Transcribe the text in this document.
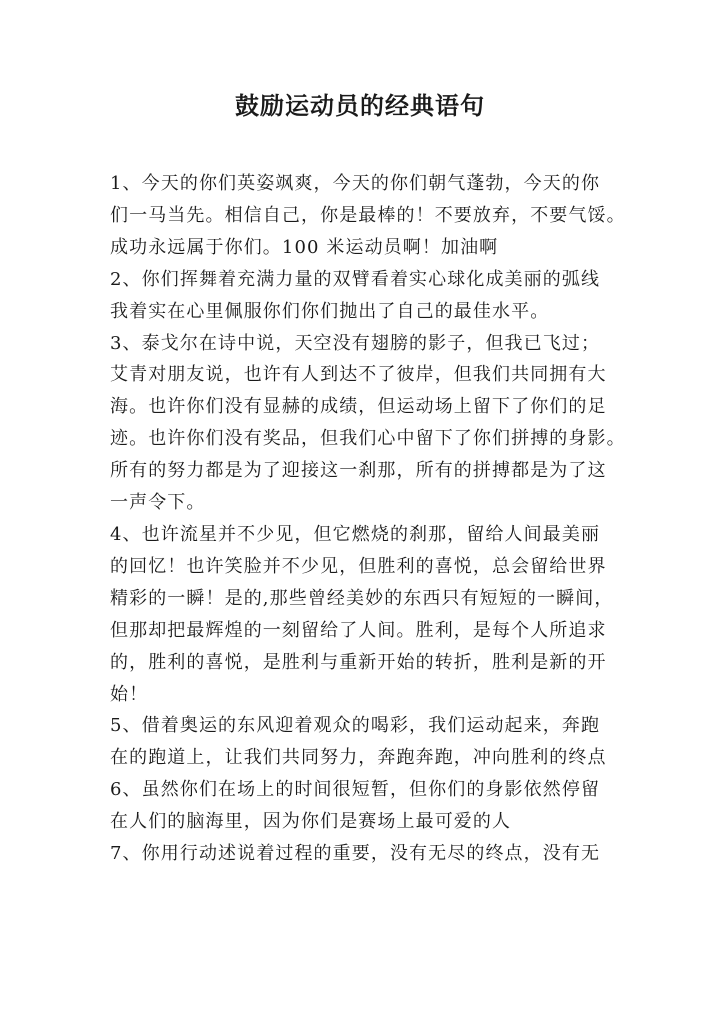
鼓励运动员的经典语句

1、今天的你们英姿飒爽，今天的你们朝气蓬勃，今天的你
们一马当先。相信自己，你是最棒的！不要放弃，不要气馁。
成功永远属于你们。100 米运动员啊！加油啊

2、你们挥舞着充满力量的双臂看着实心球化成美丽的弧线
我着实在心里佩服你们你们抛出了自己的最佳水平。

3、泰戈尔在诗中说，天空没有翅膀的影子，但我已飞过；
艾青对朋友说，也许有人到达不了彼岸，但我们共同拥有大
海。也许你们没有显赫的成绩，但运动场上留下了你们的足
迹。也许你们没有奖品，但我们心中留下了你们拼搏的身影。
所有的努力都是为了迎接这一刹那，所有的拼搏都是为了这
一声令下。

4、也许流星并不少见，但它燃烧的刹那，留给人间最美丽
的回忆！也许笑脸并不少见，但胜利的喜悦，总会留给世界
精彩的一瞬！是的,那些曾经美妙的东西只有短短的一瞬间，
但那却把最辉煌的一刻留给了人间。胜利，是每个人所追求
的，胜利的喜悦，是胜利与重新开始的转折，胜利是新的开
始！

5、借着奥运的东风迎着观众的喝彩，我们运动起来，奔跑
在的跑道上，让我们共同努力，奔跑奔跑，冲向胜利的终点

6、虽然你们在场上的时间很短暂，但你们的身影依然停留
在人们的脑海里，因为你们是赛场上最可爱的人

7、你用行动述说着过程的重要，没有无尽的终点，没有无
